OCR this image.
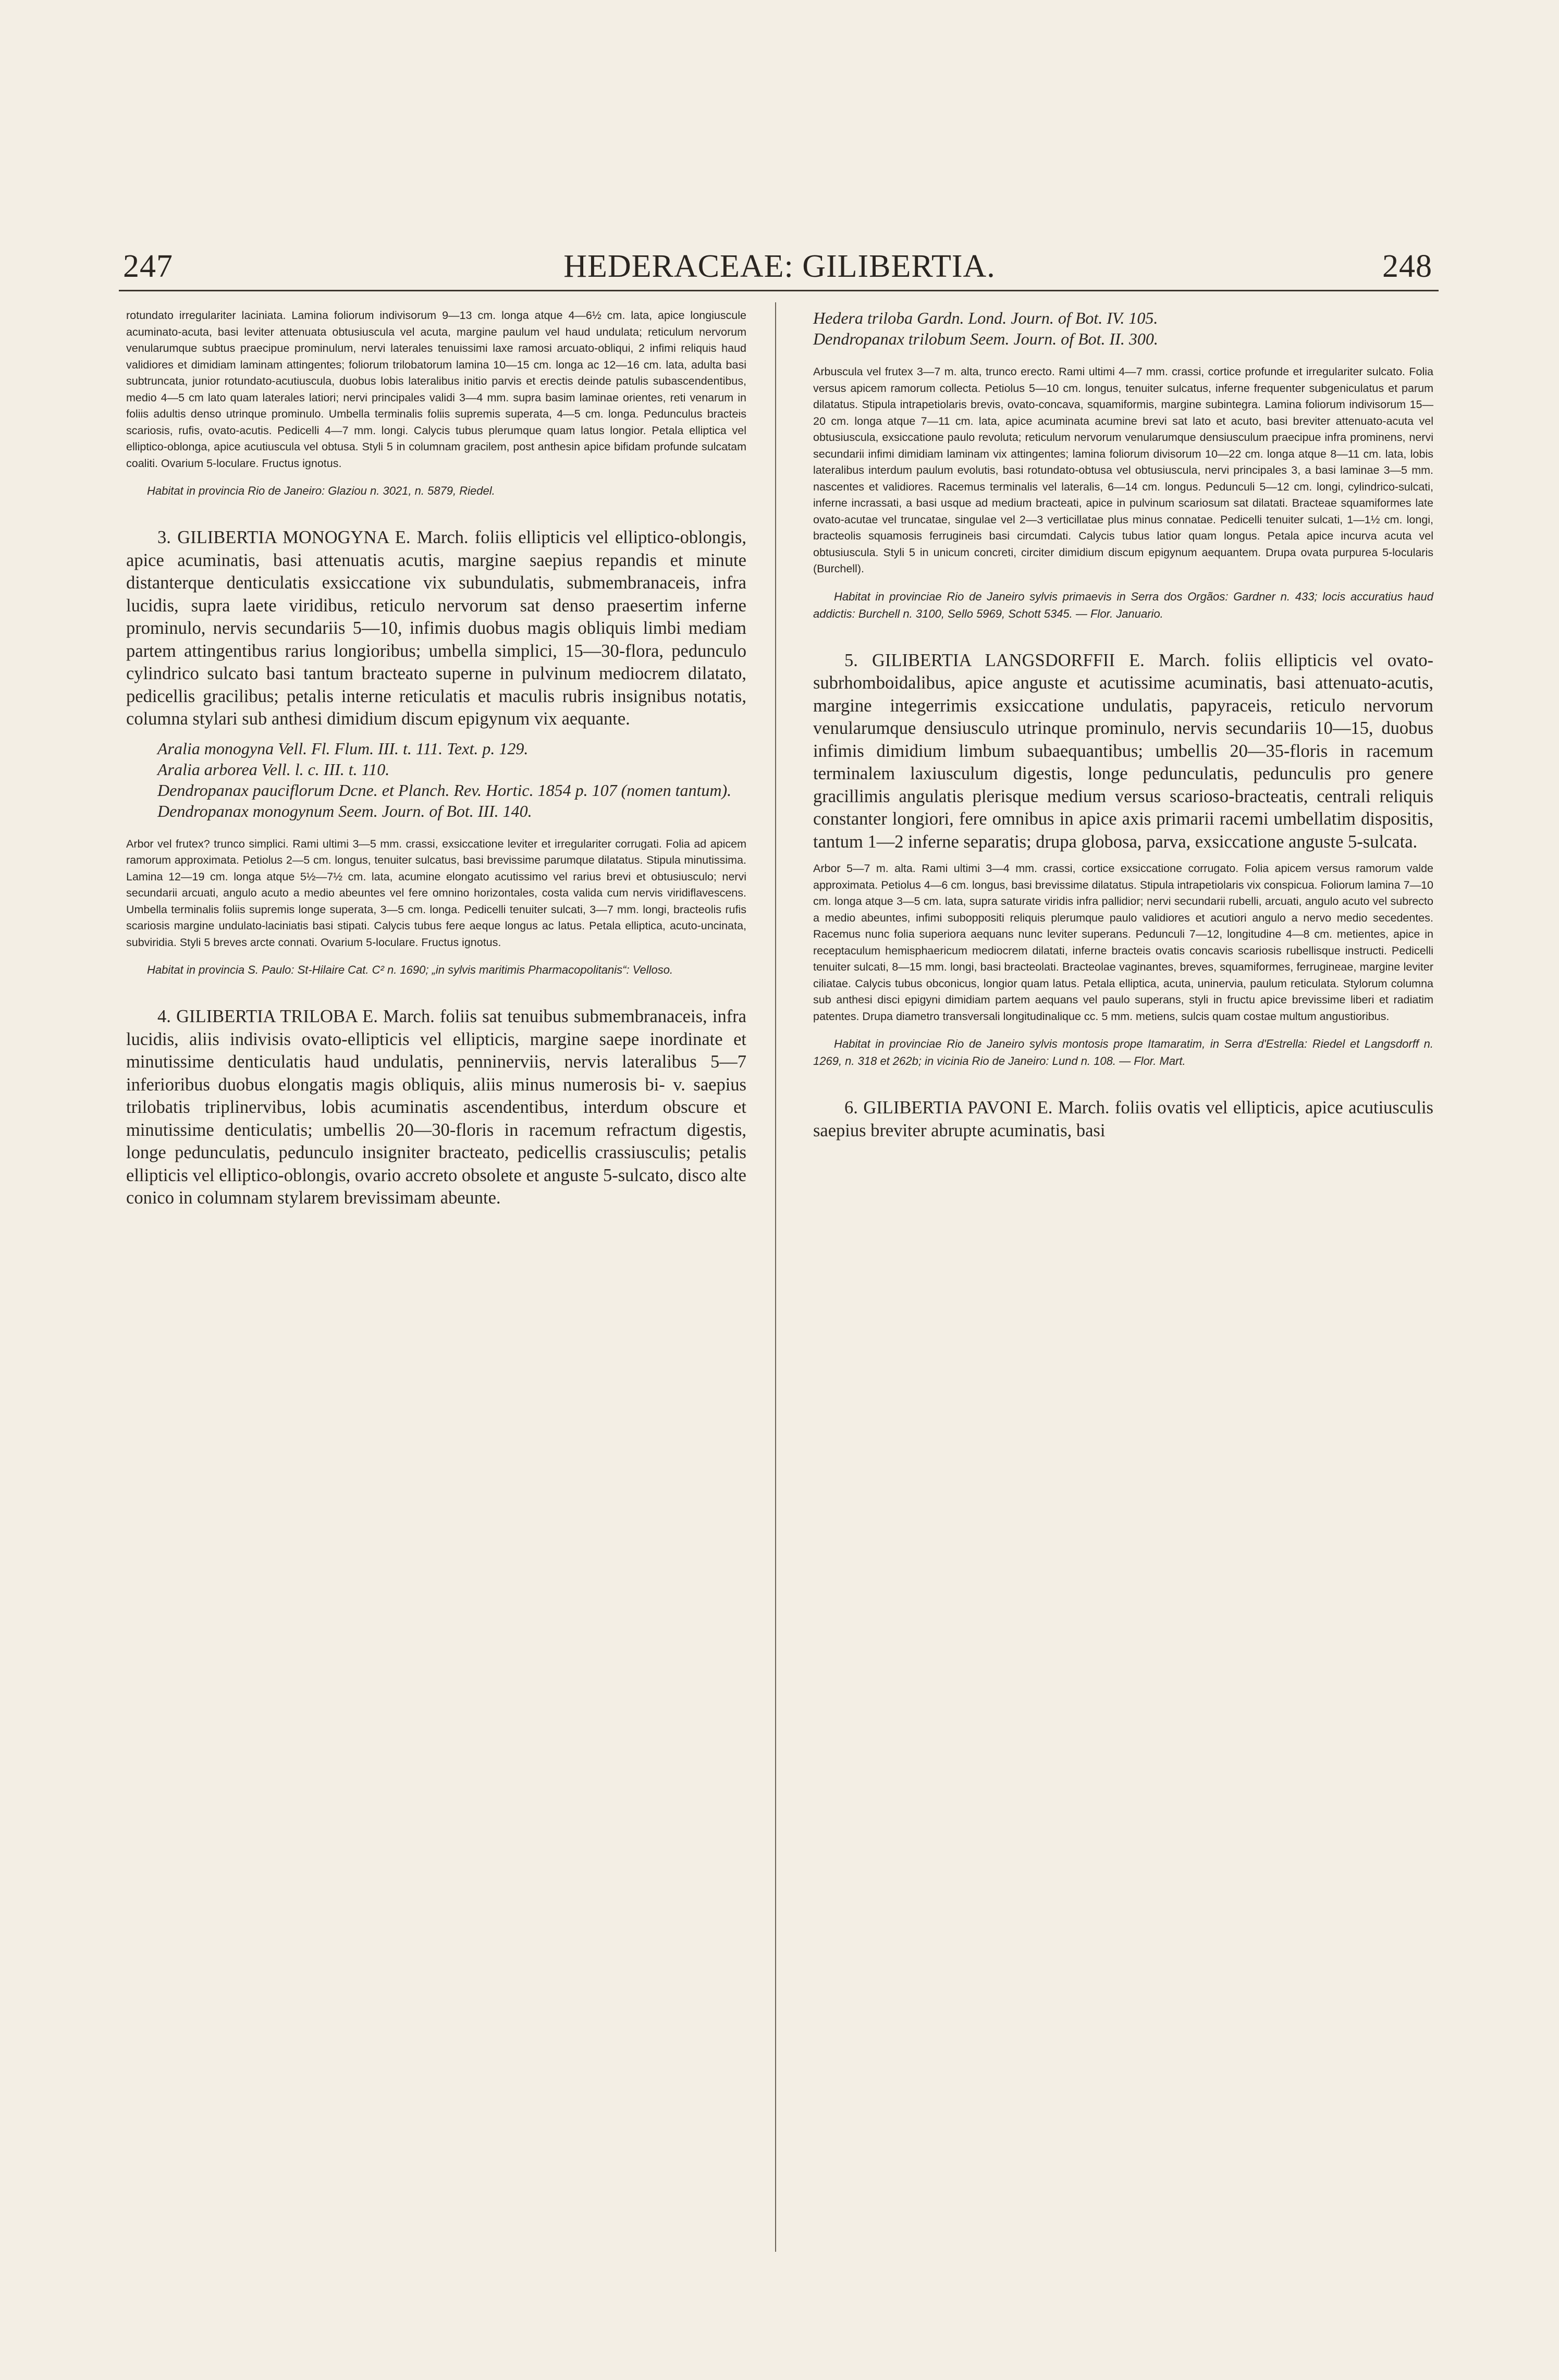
247	HEDERACEAE: GILIBERTIA.	248

rotundato irregulariter laciniata. Lamina foliorum indivisorum 9—13 cm. longa atque 4—6½ cm. lata, apice longiuscule acuminato-acuta, basi leviter attenuata obtusiuscula vel acuta, margine paulum vel haud undulata; reticulum nervorum venularumque subtus praecipue prominulum, nervi laterales tenuissimi laxe ramosi arcuato-obliqui, 2 infimi reliquis haud validiores et dimidiam laminam attingentes; foliorum trilobatorum lamina 10—15 cm. longa ac 12—16 cm. lata, adulta basi subtruncata, junior rotundato-acutiuscula, duobus lobis lateralibus initio parvis et erectis deinde patulis subascendentibus, medio 4—5 cm lato quam laterales latiori; nervi principales validi 3—4 mm. supra basim laminae orientes, reti venarum in foliis adultis denso utrinque prominulo. Umbella terminalis foliis supremis superata, 4—5 cm. longa. Pedunculus bracteis scariosis, rufis, ovato-acutis. Pedicelli 4—7 mm. longi. Calycis tubus plerumque quam latus longior. Petala elliptica vel elliptico-oblonga, apice acutiuscula vel obtusa. Styli 5 in columnam gracilem, post anthesin apice bifidam profunde sulcatam coaliti. Ovarium 5-loculare. Fructus ignotus.

Habitat in provincia Rio de Janeiro: Glaziou n. 3021, n. 5879, Riedel.

3. GILIBERTIA MONOGYNA E. March. foliis ellipticis vel elliptico-oblongis, apice acuminatis, basi attenuatis acutis, margine saepius repandis et minute distanterque denticulatis exsiccatione vix subundulatis, submembranaceis, infra lucidis, supra laete viridibus, reticulo nervorum sat denso praesertim inferne prominulo, nervis secundariis 5—10, infimis duobus magis obliquis limbi mediam partem attingentibus rarius longioribus; umbella simplici, 15—30-flora, pedunculo cylindrico sulcato basi tantum bracteato superne in pulvinum mediocrem dilatato, pedicellis gracilibus; petalis interne reticulatis et maculis rubris insignibus notatis, columna stylari sub anthesi dimidium discum epigynum vix aequante.

Aralia monogyna Vell. Fl. Flum. III. t. 111. Text. p. 129.

Aralia arborea Vell. l. c. III. t. 110.

Dendropanax pauciflorum Dcne. et Planch. Rev. Hortic. 1854 p. 107 (nomen tantum).

Dendropanax monogynum Seem. Journ. of Bot. III. 140.

Arbor vel frutex? trunco simplici. Rami ultimi 3—5 mm. crassi, exsiccatione leviter et irregulariter corrugati. Folia ad apicem ramorum approximata. Petiolus 2—5 cm. longus, tenuiter sulcatus, basi brevissime parumque dilatatus. Stipula minutissima. Lamina 12—19 cm. longa atque 5½—7½ cm. lata, acumine elongato acutissimo vel rarius brevi et obtusiusculo; nervi secundarii arcuati, angulo acuto a medio abeuntes vel fere omnino horizontales, costa valida cum nervis viridiflavescens. Umbella terminalis foliis supremis longe superata, 3—5 cm. longa. Pedicelli tenuiter sulcati, 3—7 mm. longi, bracteolis rufis scariosis margine undulato-laciniatis basi stipati. Calycis tubus fere aeque longus ac latus. Petala elliptica, acuto-uncinata, subviridia. Styli 5 breves arcte connati. Ovarium 5-loculare. Fructus ignotus.

Habitat in provincia S. Paulo: St-Hilaire Cat. C² n. 1690; „in sylvis maritimis Pharmacopolitanis“: Velloso.

4. GILIBERTIA TRILOBA E. March. foliis sat tenuibus submembranaceis, infra lucidis, aliis indivisis ovato-ellipticis vel ellipticis, margine saepe inordinate et minutissime denticulatis haud undulatis, penninerviis, nervis lateralibus 5—7 inferioribus duobus elongatis magis obliquis, aliis minus numerosis bi- v. saepius trilobatis triplinervibus, lobis acuminatis ascendentibus, interdum obscure et minutissime denticulatis; umbellis 20—30-floris in racemum refractum digestis, longe pedunculatis, pedunculo insigniter bracteato, pedicellis crassiusculis; petalis ellipticis vel elliptico-oblongis, ovario accreto obsolete et anguste 5-sulcato, disco alte conico in columnam stylarem brevissimam abeunte.

Hedera triloba Gardn. Lond. Journ. of Bot. IV. 105.

Dendropanax trilobum Seem. Journ. of Bot. II. 300.

Arbuscula vel frutex 3—7 m. alta, trunco erecto. Rami ultimi 4—7 mm. crassi, cortice profunde et irregulariter sulcato. Folia versus apicem ramorum collecta. Petiolus 5—10 cm. longus, tenuiter sulcatus, inferne frequenter subgeniculatus et parum dilatatus. Stipula intrapetiolaris brevis, ovato-concava, squamiformis, margine subintegra. Lamina foliorum indivisorum 15—20 cm. longa atque 7—11 cm. lata, apice acuminata acumine brevi sat lato et acuto, basi breviter attenuato-acuta vel obtusiuscula, exsiccatione paulo revoluta; reticulum nervorum venularumque densiusculum praecipue infra prominens, nervi secundarii infimi dimidiam laminam vix attingentes; lamina foliorum divisorum 10—22 cm. longa atque 8—11 cm. lata, lobis lateralibus interdum paulum evolutis, basi rotundato-obtusa vel obtusiuscula, nervi principales 3, a basi laminae 3—5 mm. nascentes et validiores. Racemus terminalis vel lateralis, 6—14 cm. longus. Pedunculi 5—12 cm. longi, cylindrico-sulcati, inferne incrassati, a basi usque ad medium bracteati, apice in pulvinum scariosum sat dilatati. Bracteae squamiformes late ovato-acutae vel truncatae, singulae vel 2—3 verticillatae plus minus connatae. Pedicelli tenuiter sulcati, 1—1½ cm. longi, bracteolis squamosis ferrugineis basi circumdati. Calycis tubus latior quam longus. Petala apice incurva acuta vel obtusiuscula. Styli 5 in unicum concreti, circiter dimidium discum epigynum aequantem. Drupa ovata purpurea 5-locularis (Burchell).

Habitat in provinciae Rio de Janeiro sylvis primaevis in Serra dos Orgãos: Gardner n. 433; locis accuratius haud addictis: Burchell n. 3100, Sello 5969, Schott 5345. — Flor. Januario.

5. GILIBERTIA LANGSDORFFII E. March. foliis ellipticis vel ovato-subrhomboidalibus, apice anguste et acutissime acuminatis, basi attenuato-acutis, margine integerrimis exsiccatione undulatis, papyraceis, reticulo nervorum venularumque densiusculo utrinque prominulo, nervis secundariis 10—15, duobus infimis dimidium limbum subaequantibus; umbellis 20—35-floris in racemum terminalem laxiusculum digestis, longe pedunculatis, pedunculis pro genere gracillimis angulatis plerisque medium versus scarioso-bracteatis, centrali reliquis constanter longiori, fere omnibus in apice axis primarii racemi umbellatim dispositis, tantum 1—2 inferne separatis; drupa globosa, parva, exsiccatione anguste 5-sulcata.

Arbor 5—7 m. alta. Rami ultimi 3—4 mm. crassi, cortice exsiccatione corrugato. Folia apicem versus ramorum valde approximata. Petiolus 4—6 cm. longus, basi brevissime dilatatus. Stipula intrapetiolaris vix conspicua. Foliorum lamina 7—10 cm. longa atque 3—5 cm. lata, supra saturate viridis infra pallidior; nervi secundarii rubelli, arcuati, angulo acuto vel subrecto a medio abeuntes, infimi suboppositi reliquis plerumque paulo validiores et acutiori angulo a nervo medio secedentes. Racemus nunc folia superiora aequans nunc leviter superans. Pedunculi 7—12, longitudine 4—8 cm. metientes, apice in receptaculum hemisphaericum mediocrem dilatati, inferne bracteis ovatis concavis scariosis rubellisque instructi. Pedicelli tenuiter sulcati, 8—15 mm. longi, basi bracteolati. Bracteolae vaginantes, breves, squamiformes, ferrugineae, margine leviter ciliatae. Calycis tubus obconicus, longior quam latus. Petala elliptica, acuta, uninervia, paulum reticulata. Stylorum columna sub anthesi disci epigyni dimidiam partem aequans vel paulo superans, styli in fructu apice brevissime liberi et radiatim patentes. Drupa diametro transversali longitudinalique cc. 5 mm. metiens, sulcis quam costae multum angustioribus.

Habitat in provinciae Rio de Janeiro sylvis montosis prope Itamaratim, in Serra d'Estrella: Riedel et Langsdorff n. 1269, n. 318 et 262b; in vicinia Rio de Janeiro: Lund n. 108. — Flor. Mart.

6. GILIBERTIA PAVONI E. March. foliis ovatis vel ellipticis, apice acutiusculis saepius breviter abrupte acuminatis, basi
